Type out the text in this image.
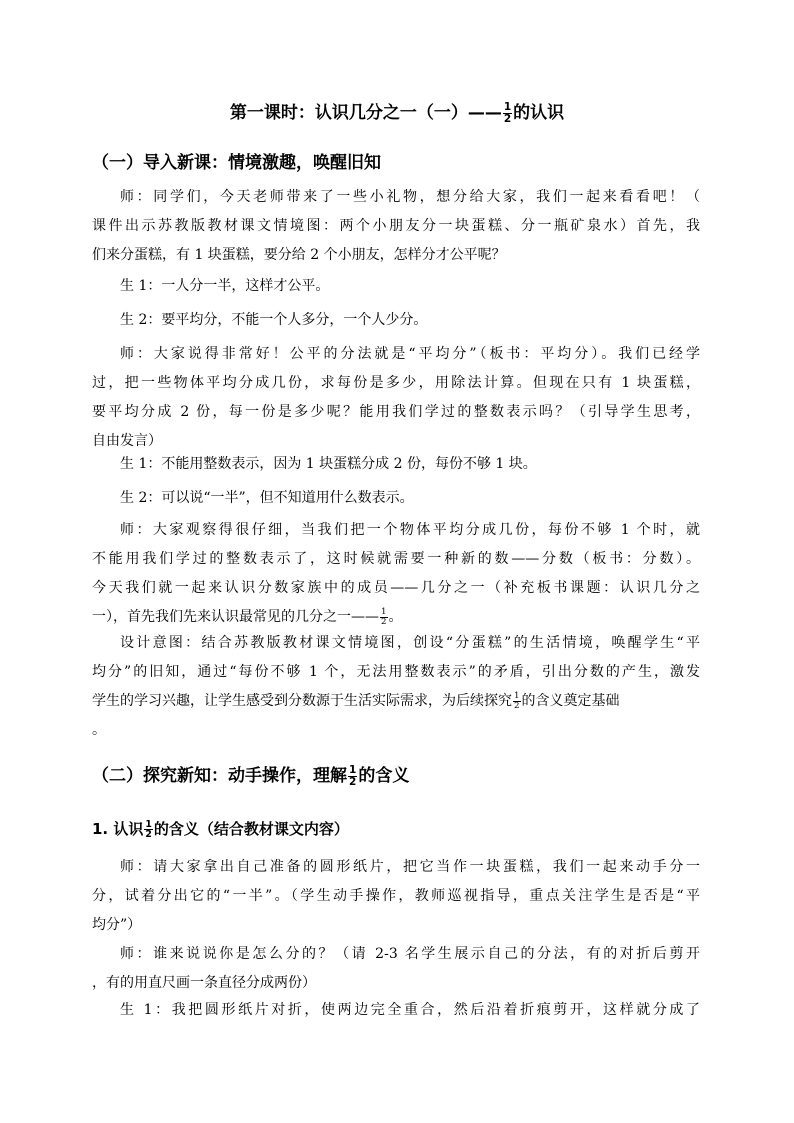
第一课时：认识几分之一（一）—— $\frac{1}{2}$ 的认识
（一）导入新课：情境激趣，唤醒旧知
师：同学们，今天老师带来了一些小礼物，想分给大家，我们一起来看看吧！（
课件出示苏教版教材课文情境图：两个小朋友分一块蛋糕、分一瓶矿泉水）首先，我
们来分蛋糕，有 1 块蛋糕，要分给 2 个小朋友，怎样分才公平呢？
生 1：一人分一半，这样才公平。
生 2：要平均分，不能一个人多分，一个人少分。
师：大家说得非常好！公平的分法就是“平均分”（板书：平均分）。我们已经学
过，把一些物体平均分成几份，求每份是多少，用除法计算。但现在只有 1 块蛋糕，
要平均分成 2 份，每一份是多少呢？能用我们学过的整数表示吗？（引导学生思考，
自由发言）
生 1：不能用整数表示，因为 1 块蛋糕分成 2 份，每份不够 1 块。
生 2：可以说“一半”，但不知道用什么数表示。
师：大家观察得很仔细，当我们把一个物体平均分成几份，每份不够 1 个时，就
不能用我们学过的整数表示了，这时候就需要一种新的数——分数（板书：分数）。
今天我们就一起来认识分数家族中的成员——几分之一（补充板书课题：认识几分之
一），首先我们先来认识最常见的几分之一—— $\frac{1}{2}$ 。
设计意图：结合苏教版教材课文情境图，创设“分蛋糕”的生活情境，唤醒学生“平
均分”的旧知，通过“每份不够 1 个，无法用整数表示”的矛盾，引出分数的产生，激发
学生的学习兴趣，让学生感受到分数源于生活实际需求，为后续探究 $\frac{1}{2}$ 的含义奠定基础
。
（二）探究新知：动手操作，理解 $\frac{1}{2}$ 的含义
1. 认识 $\frac{1}{2}$ 的含义（结合教材课文内容）
师：请大家拿出自己准备的圆形纸片，把它当作一块蛋糕，我们一起来动手分一
分，试着分出它的“一半”。（学生动手操作，教师巡视指导，重点关注学生是否是“平
均分”）
师：谁来说说你是怎么分的？（请 2-3 名学生展示自己的分法，有的对折后剪开
，有的用直尺画一条直径分成两份）
生 1：我把圆形纸片对折，使两边完全重合，然后沿着折痕剪开，这样就分成了
